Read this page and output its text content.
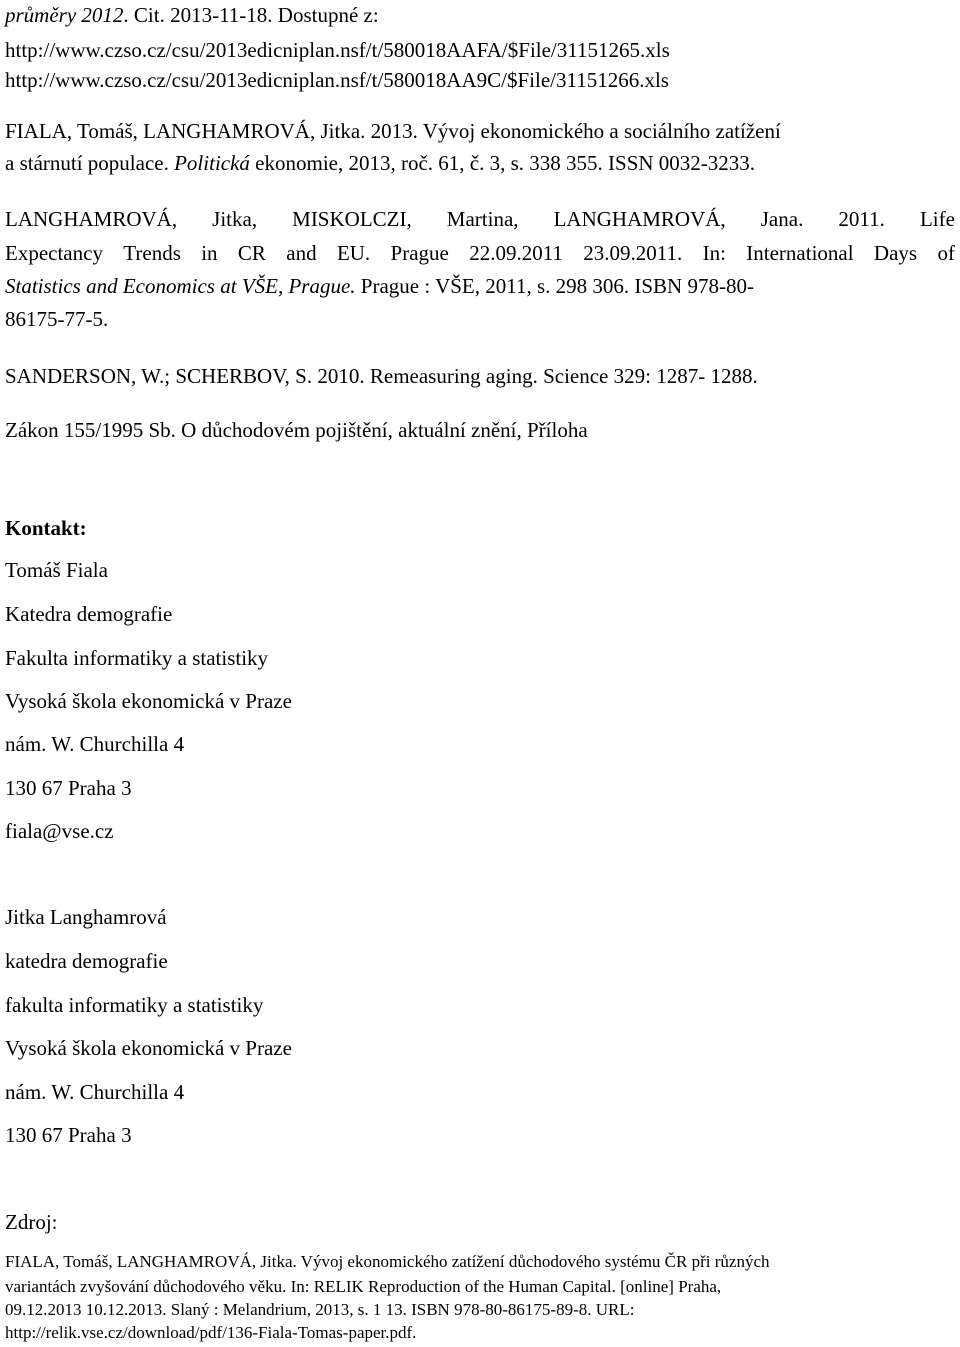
průměry 2012. Cit. 2013-11-18. Dostupné z:
http://www.czso.cz/csu/2013edicniplan.nsf/t/580018AAFA/$File/31151265.xls
http://www.czso.cz/csu/2013edicniplan.nsf/t/580018AA9C/$File/31151266.xls
FIALA, Tomáš, LANGHAMROVÁ, Jitka. 2013. Vývoj ekonomického a sociálního zatížení
a stárnutí populace. Politická ekonomie, 2013, roč. 61, č. 3, s. 338 355. ISSN 0032-3233.
LANGHAMROVÁ, Jitka, MISKOLCZI, Martina, LANGHAMROVÁ, Jana. 2011. Life
Expectancy Trends in CR and EU. Prague 22.09.2011 23.09.2011. In: International Days of
Statistics and Economics at VŠE, Prague. Prague : VŠE, 2011, s. 298 306. ISBN 978-80-
86175-77-5.
SANDERSON, W.; SCHERBOV, S. 2010. Remeasuring aging. Science 329: 1287- 1288.
Zákon 155/1995 Sb. O důchodovém pojištění, aktuální znění, Příloha
Kontakt:
Tomáš Fiala
Katedra demografie
Fakulta informatiky a statistiky
Vysoká škola ekonomická v Praze
nám. W. Churchilla 4
130 67 Praha 3
fiala@vse.cz
Jitka Langhamrová
katedra demografie
fakulta informatiky a statistiky
Vysoká škola ekonomická v Praze
nám. W. Churchilla 4
130 67 Praha 3
Zdroj:
FIALA, Tomáš, LANGHAMROVÁ, Jitka. Vývoj ekonomického zatížení důchodového systému ČR při různých
variantách zvyšování důchodového věku. In: RELIK Reproduction of the Human Capital. [online] Praha,
09.12.2013 10.12.2013. Slaný : Melandrium, 2013, s. 1 13. ISBN 978-80-86175-89-8. URL:
http://relik.vse.cz/download/pdf/136-Fiala-Tomas-paper.pdf.
